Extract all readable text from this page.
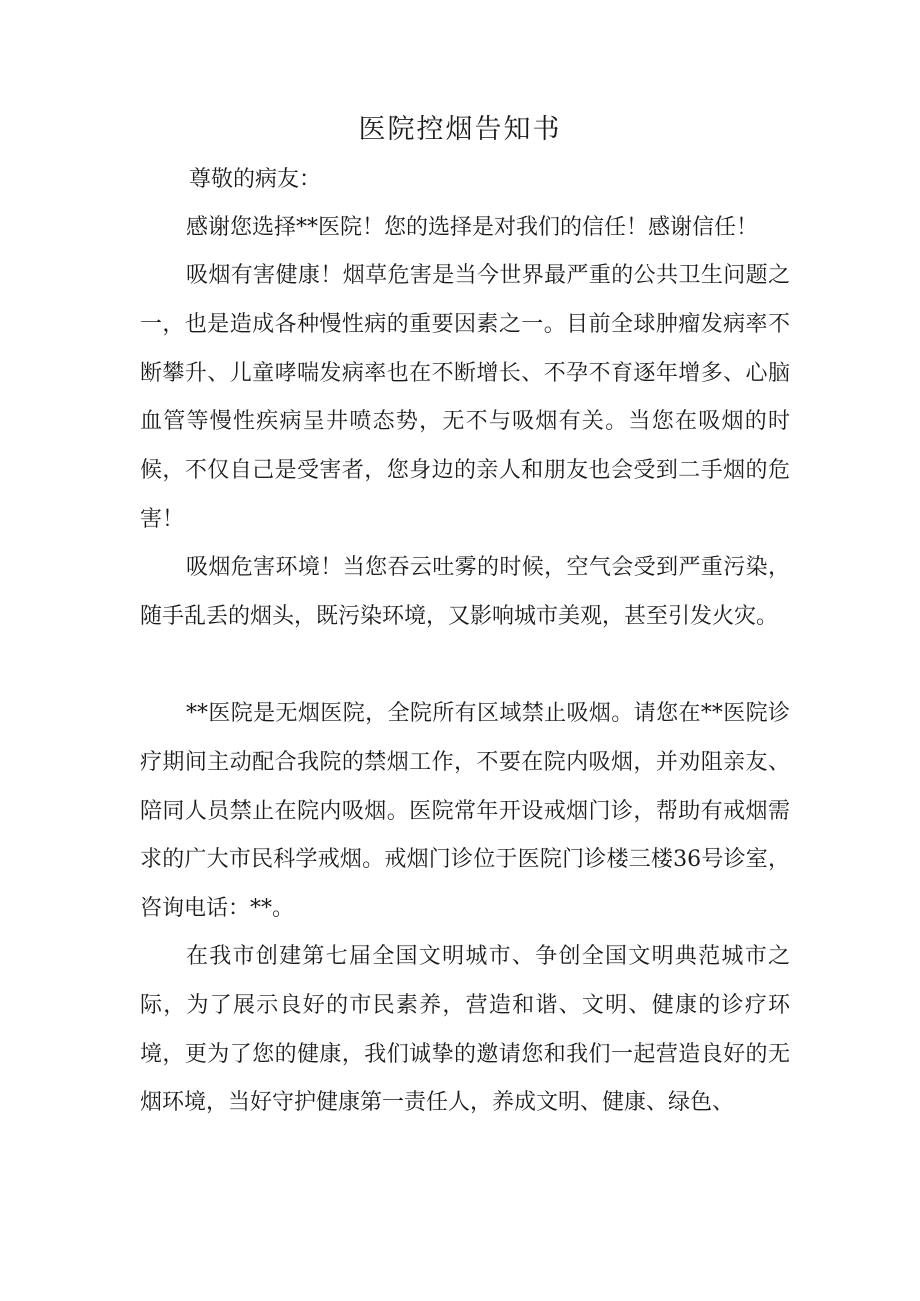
医院控烟告知书
尊敬的病友：

感谢您选择**医院！您的选择是对我们的信任！感谢信任！

吸烟有害健康！烟草危害是当今世界最严重的公共卫生问题之一，也是造成各种慢性病的重要因素之一。目前全球肿瘤发病率不断攀升、儿童哮喘发病率也在不断增长、不孕不育逐年增多、心脑血管等慢性疾病呈井喷态势，无不与吸烟有关。当您在吸烟的时候，不仅自己是受害者，您身边的亲人和朋友也会受到二手烟的危害！

吸烟危害环境！当您吞云吐雾的时候，空气会受到严重污染，随手乱丢的烟头，既污染环境，又影响城市美观，甚至引发火灾。

**医院是无烟医院，全院所有区域禁止吸烟。请您在**医院诊疗期间主动配合我院的禁烟工作，不要在院内吸烟，并劝阻亲友、陪同人员禁止在院内吸烟。医院常年开设戒烟门诊，帮助有戒烟需求的广大市民科学戒烟。戒烟门诊位于医院门诊楼三楼36号诊室，咨询电话：**。

在我市创建第七届全国文明城市、争创全国文明典范城市之际，为了展示良好的市民素养，营造和谐、文明、健康的诊疗环境，更为了您的健康，我们诚挚的邀请您和我们一起营造良好的无烟环境，当好守护健康第一责任人，养成文明、健康、绿色、
